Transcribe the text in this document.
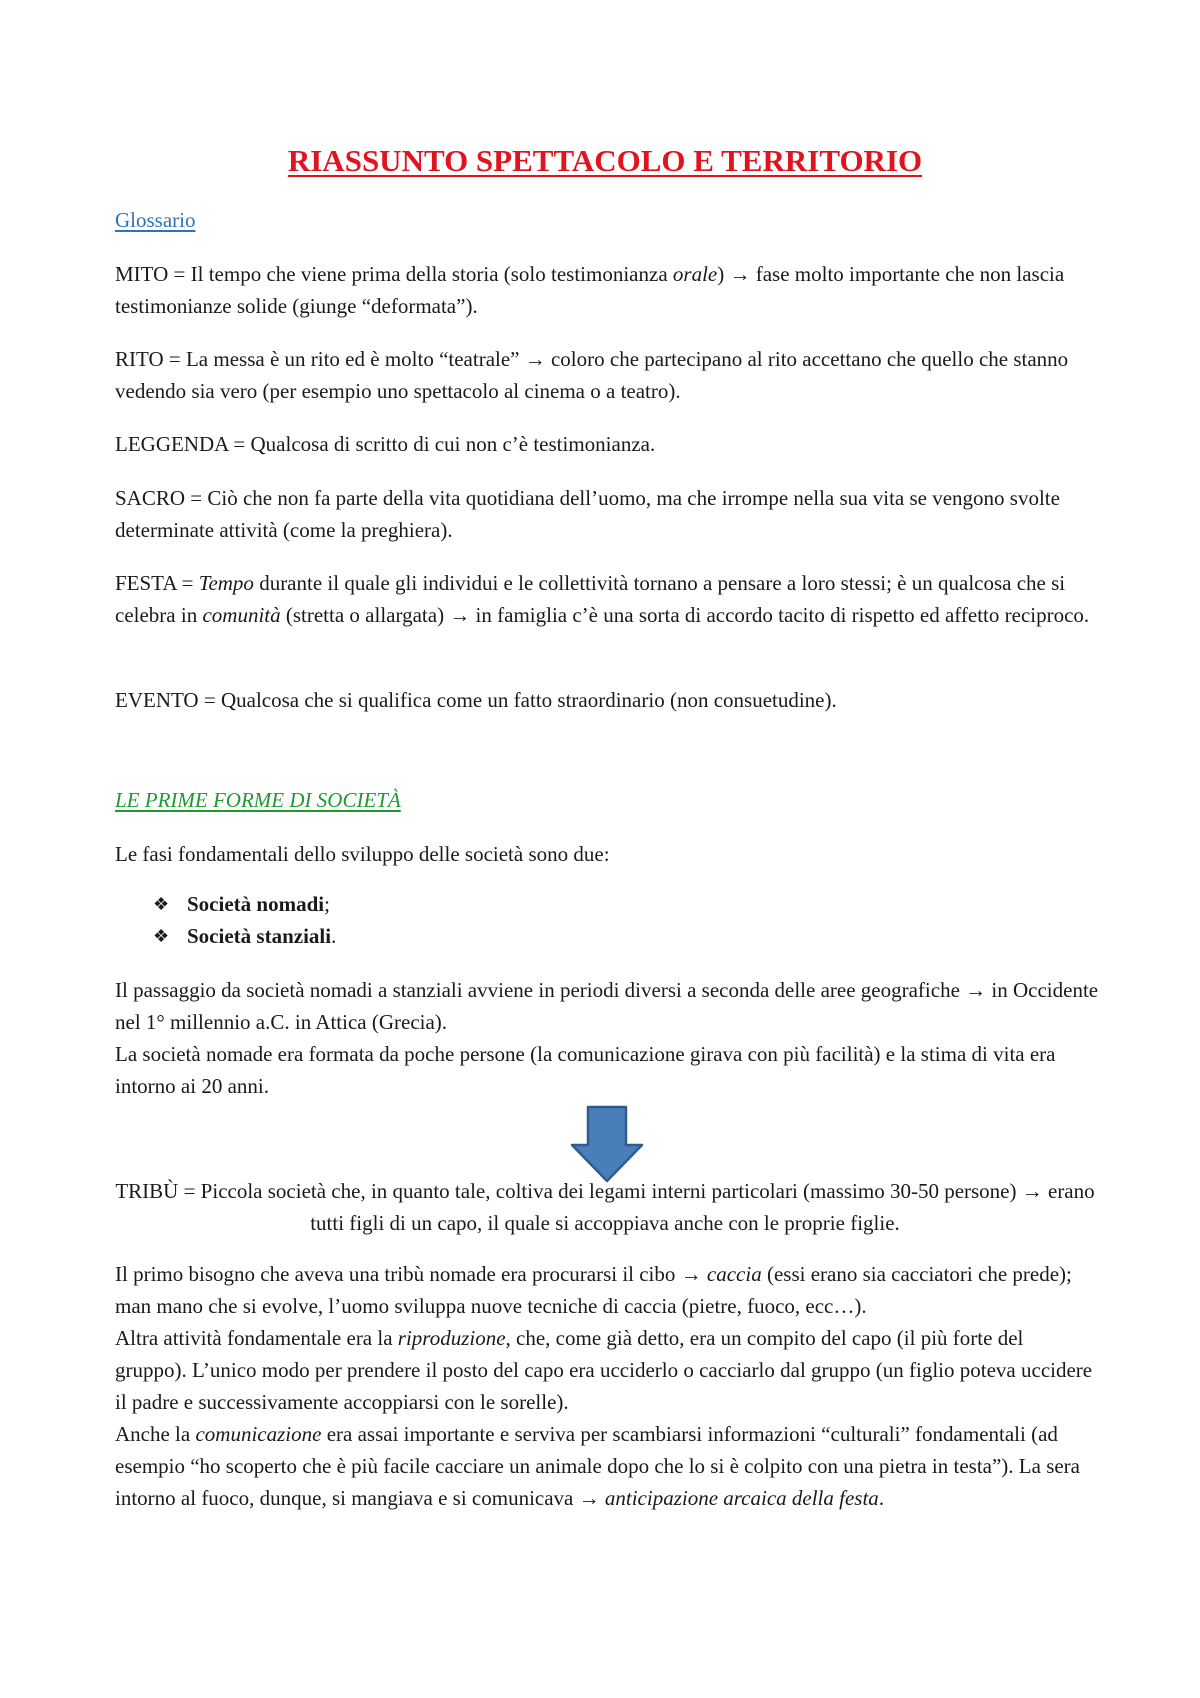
RIASSUNTO SPETTACOLO E TERRITORIO
Glossario

MITO = Il tempo che viene prima della storia (solo testimonianza orale) → fase molto importante che non lascia testimonianze solide (giunge “deformata”).

RITO = La messa è un rito ed è molto “teatrale” → coloro che partecipano al rito accettano che quello che stanno vedendo sia vero (per esempio uno spettacolo al cinema o a teatro).

LEGGENDA = Qualcosa di scritto di cui non c’è testimonianza.

SACRO = Ciò che non fa parte della vita quotidiana dell’uomo, ma che irrompe nella sua vita se vengono svolte determinate attività (come la preghiera).

FESTA = Tempo durante il quale gli individui e le collettività tornano a pensare a loro stessi; è un qualcosa che si celebra in comunità (stretta o allargata) → in famiglia c’è una sorta di accordo tacito di rispetto ed affetto reciproco.

EVENTO = Qualcosa che si qualifica come un fatto straordinario (non consuetudine).

LE PRIME FORME DI SOCIETÀ

Le fasi fondamentali dello sviluppo delle società sono due:

❖ Società nomadi ;
❖ Società stanziali .

Il passaggio da società nomadi a stanziali avviene in periodi diversi a seconda delle aree geografiche → in Occidente nel 1° millennio a.C. in Attica (Grecia).
La società nomade era formata da poche persone (la comunicazione girava con più facilità) e la stima di vita era intorno ai 20 anni.

TRIBÙ = Piccola società che, in quanto tale, coltiva dei legami interni particolari (massimo 30-50 persone) → erano tutti figli di un capo, il quale si accoppiava anche con le proprie figlie.

Il primo bisogno che aveva una tribù nomade era procurarsi il cibo → caccia (essi erano sia cacciatori che prede); man mano che si evolve, l’uomo sviluppa nuove tecniche di caccia (pietre, fuoco, ecc…).
Altra attività fondamentale era la riproduzione, che, come già detto, era un compito del capo (il più forte del gruppo). L’unico modo per prendere il posto del capo era ucciderlo o cacciarlo dal gruppo (un figlio poteva uccidere il padre e successivamente accoppiarsi con le sorelle).
Anche la comunicazione era assai importante e serviva per scambiarsi informazioni “culturali” fondamentali (ad esempio “ho scoperto che è più facile cacciare un animale dopo che lo si è colpito con una pietra in testa”). La sera intorno al fuoco, dunque, si mangiava e si comunicava → anticipazione arcaica della festa.
